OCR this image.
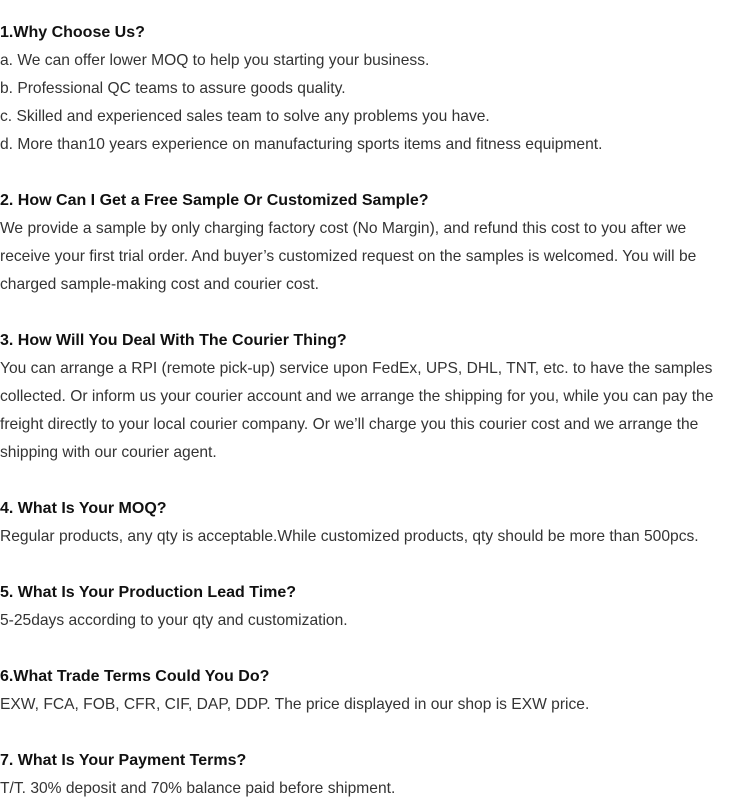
1.Why Choose Us?
a. We can offer lower MOQ to help you starting your business.
b. Professional QC teams to assure goods quality.
c. Skilled and experienced sales team to solve any problems you have.
d. More than10 years experience on manufacturing sports items and fitness equipment.
2. How Can I Get a Free Sample Or Customized Sample?
We provide a sample by only charging factory cost (No Margin), and refund this cost to you after we
receive your first trial order. And buyer’s customized request on the samples is welcomed. You will be
charged sample-making cost and courier cost.
3. How Will You Deal With The Courier Thing?
You can arrange a RPI (remote pick-up) service upon FedEx, UPS, DHL, TNT, etc. to have the samples
collected. Or inform us your courier account and we arrange the shipping for you, while you can pay the
freight directly to your local courier company. Or we’ll charge you this courier cost and we arrange the
shipping with our courier agent.
4. What Is Your MOQ?
Regular products, any qty is acceptable.While customized products, qty should be more than 500pcs.
5. What Is Your Production Lead Time?
5-25days according to your qty and customization.
6.What Trade Terms Could You Do?
EXW, FCA, FOB, CFR, CIF, DAP, DDP. The price displayed in our shop is EXW price.
7. What Is Your Payment Terms?
T/T. 30% deposit and 70% balance paid before shipment.
